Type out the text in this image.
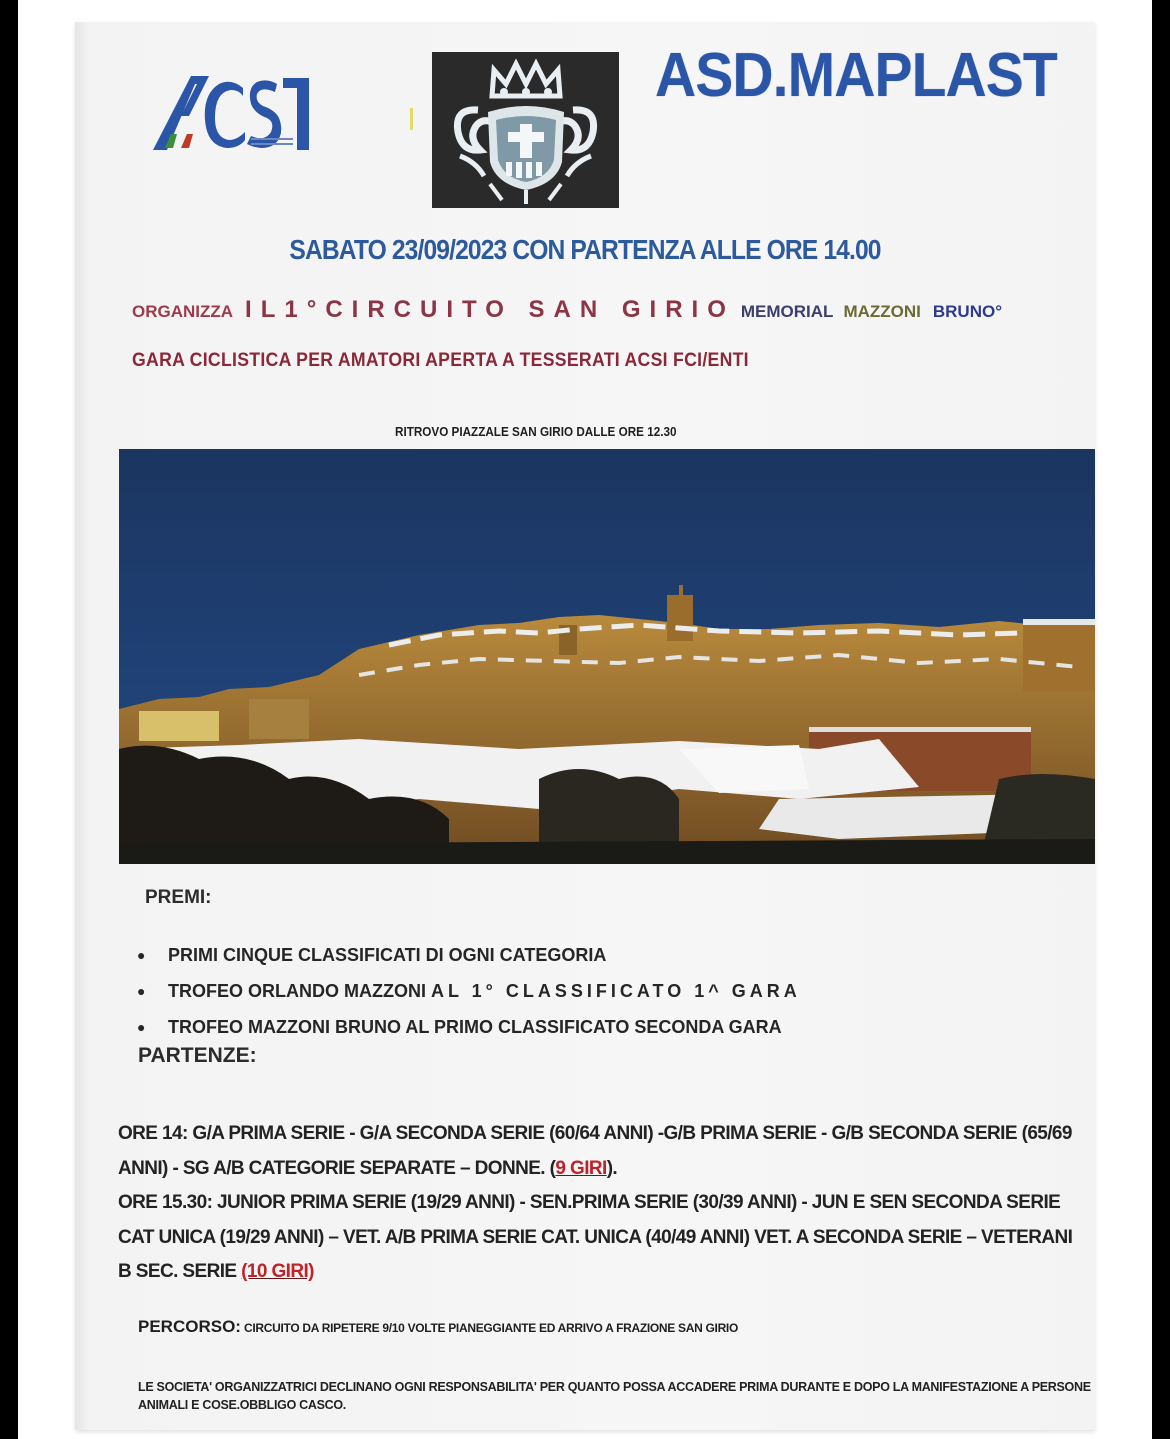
ASD.MAPLAST
SABATO 23/09/2023 CON PARTENZA ALLE ORE 14.00
ORGANIZZA IL1°CIRCUITO SAN GIRIO MEMORIAL MAZZONI BRUNO°
GARA CICLISTICA PER AMATORI APERTA A TESSERATI ACSI FCI/ENTI
RITROVO PIAZZALE SAN GIRIO DALLE ORE 12.30
PREMI:
● PRIMI CINQUE CLASSIFICATI DI OGNI CATEGORIA
● TROFEO ORLANDO MAZZONI AL 1° CLASSIFICATO 1^ GARA
● TROFEO MAZZONI BRUNO AL PRIMO CLASSIFICATO SECONDA GARA
PARTENZE:
ORE 14: G/A PRIMA SERIE - G/A SECONDA SERIE (60/64 ANNI) -G/B PRIMA SERIE - G/B SECONDA SERIE (65/69 ANNI) - SG A/B CATEGORIE SEPARATE – DONNE. (9 GIRI).
ORE 15.30: JUNIOR PRIMA SERIE (19/29 ANNI) - SEN.PRIMA SERIE (30/39 ANNI) - JUN E SEN SECONDA SERIE CAT UNICA (19/29 ANNI) – VET. A/B PRIMA SERIE CAT. UNICA (40/49 ANNI) VET. A SECONDA SERIE – VETERANI B SEC. SERIE (10 GIRI)
PERCORSO: CIRCUITO DA RIPETERE 9/10 VOLTE PIANEGGIANTE ED ARRIVO A FRAZIONE SAN GIRIO
LE SOCIETA' ORGANIZZATRICI DECLINANO OGNI RESPONSABILITA' PER QUANTO POSSA ACCADERE PRIMA DURANTE E DOPO LA MANIFESTAZIONE A PERSONE ANIMALI E COSE.OBBLIGO CASCO.
